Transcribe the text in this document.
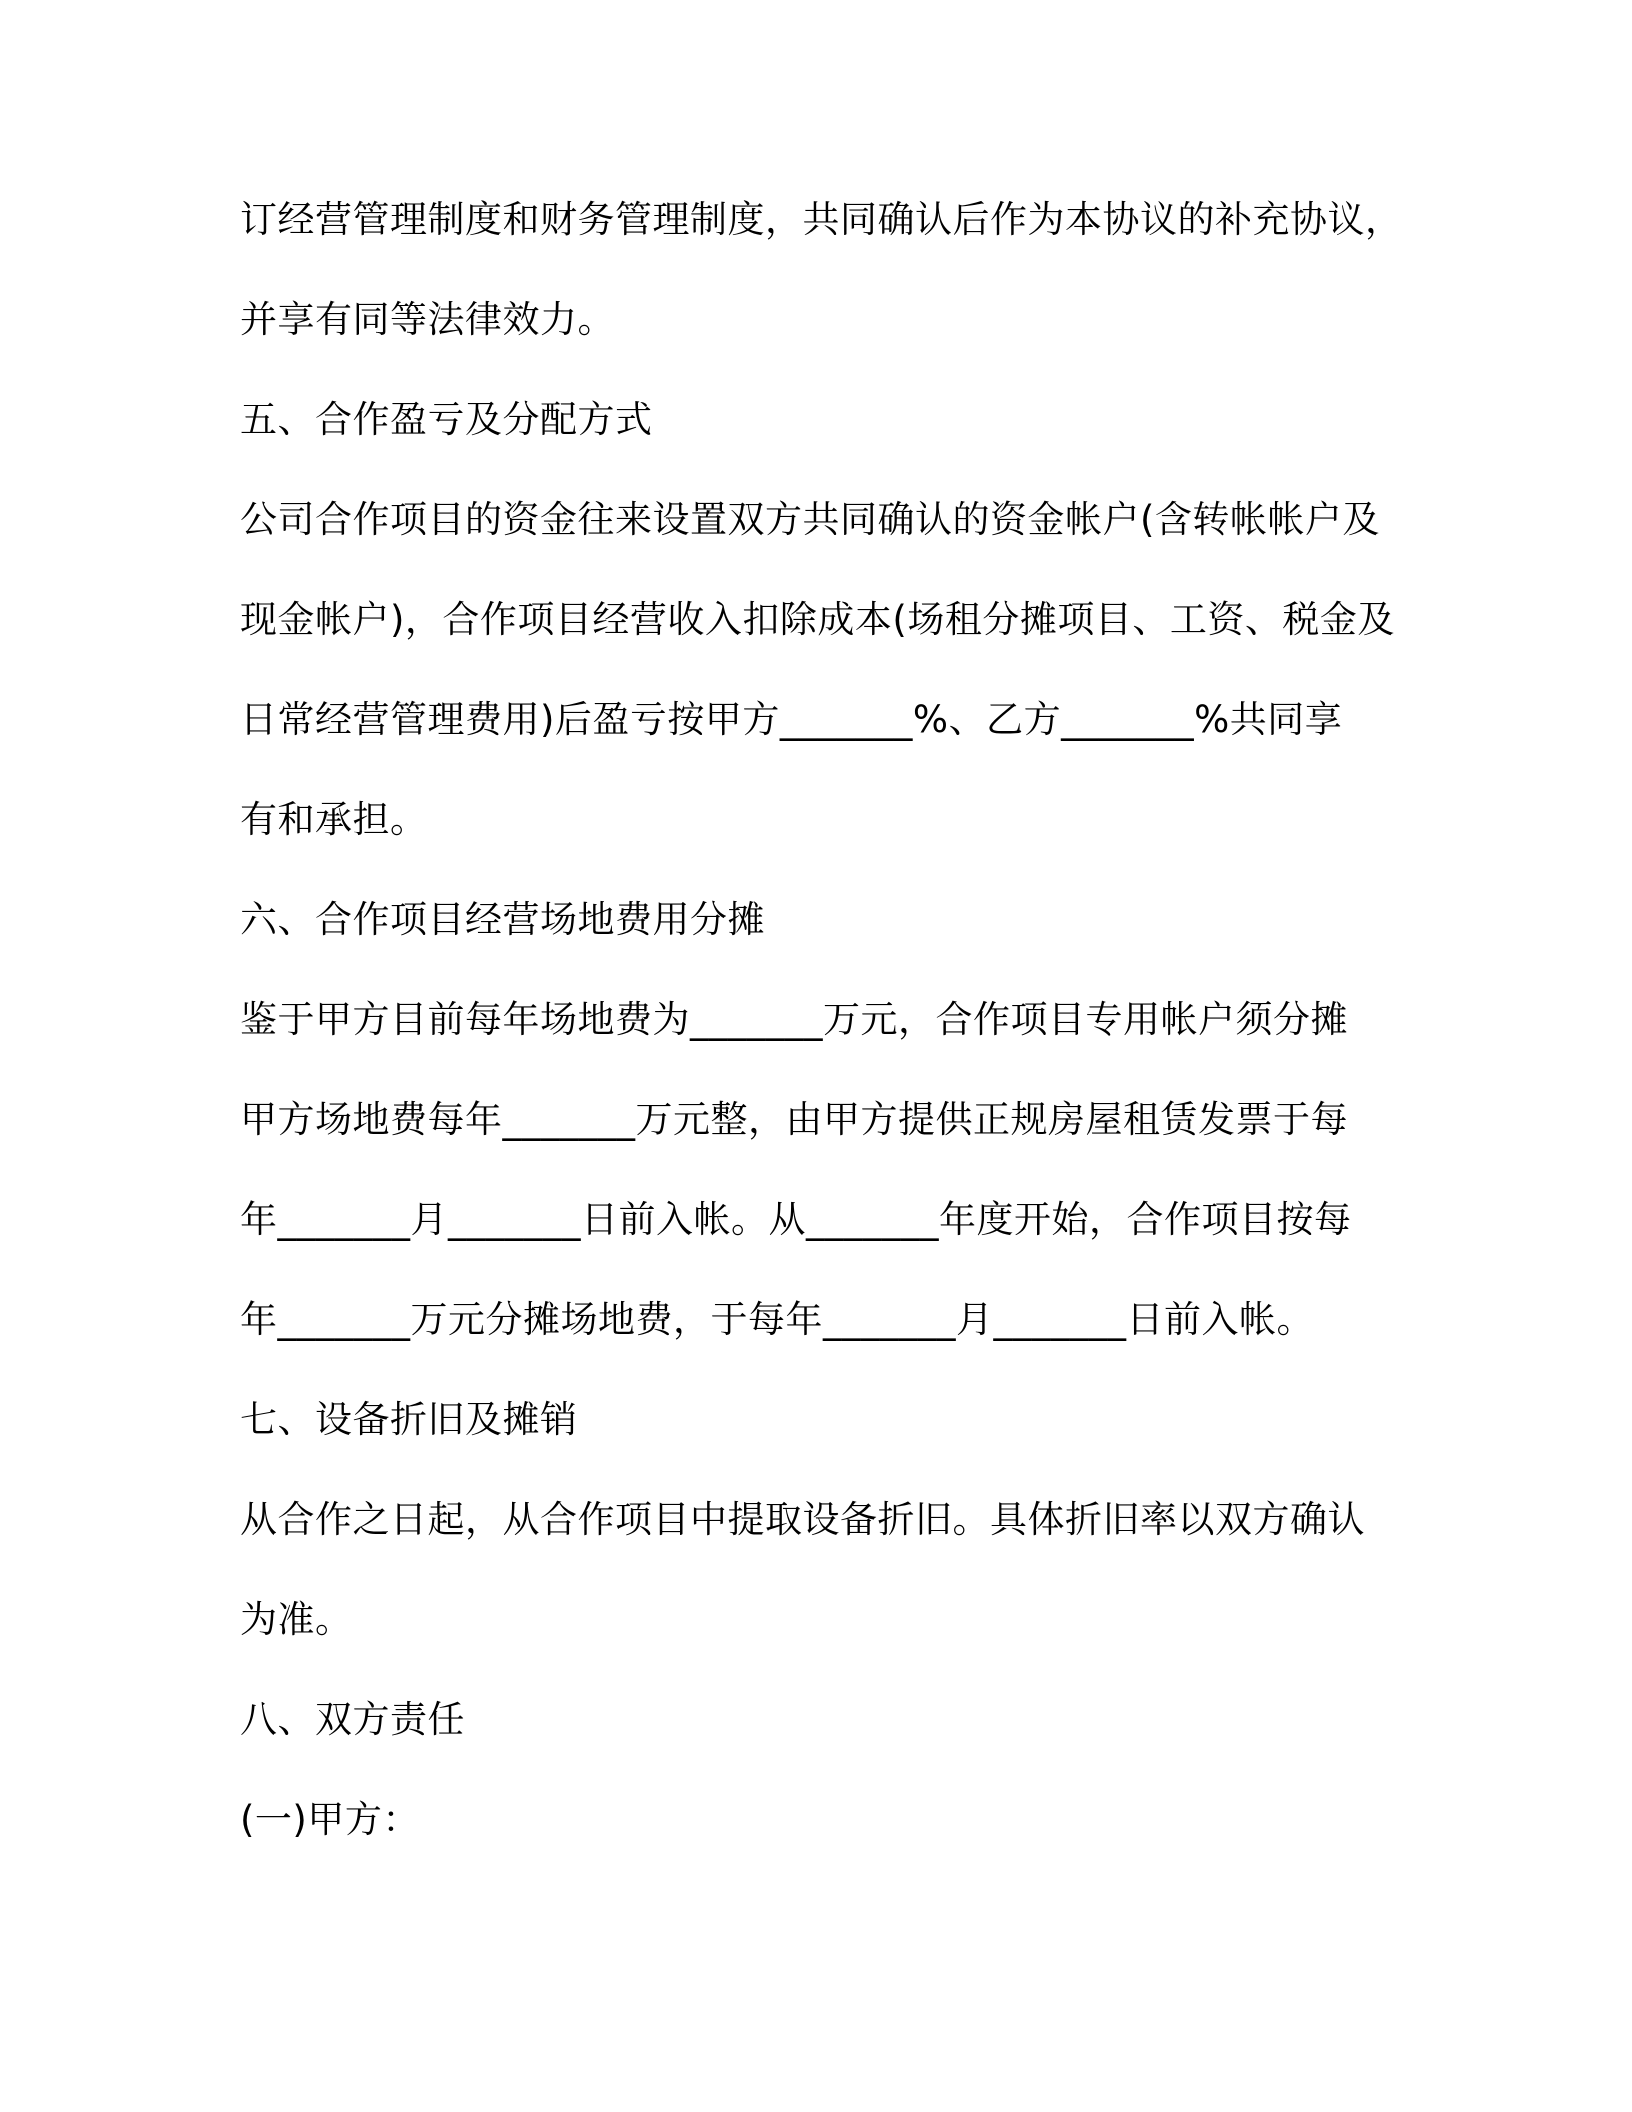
订经营管理制度和财务管理制度，共同确认后作为本协议的补充协议，

并享有同等法律效力。

五、合作盈亏及分配方式

公司合作项目的资金往来设置双方共同确认的资金帐户(含转帐帐户及

现金帐户)，合作项目经营收入扣除成本(场租分摊项目、工资、税金及

日常经营管理费用)后盈亏按甲方_______%、乙方_______%共同享

有和承担。

六、合作项目经营场地费用分摊

鉴于甲方目前每年场地费为_______万元，合作项目专用帐户须分摊

甲方场地费每年_______万元整，由甲方提供正规房屋租赁发票于每

年_______月_______日前入帐。从_______年度开始，合作项目按每

年_______万元分摊场地费，于每年_______月_______日前入帐。

七、设备折旧及摊销

从合作之日起，从合作项目中提取设备折旧。具体折旧率以双方确认

为准。

八、双方责任

(一)甲方：
